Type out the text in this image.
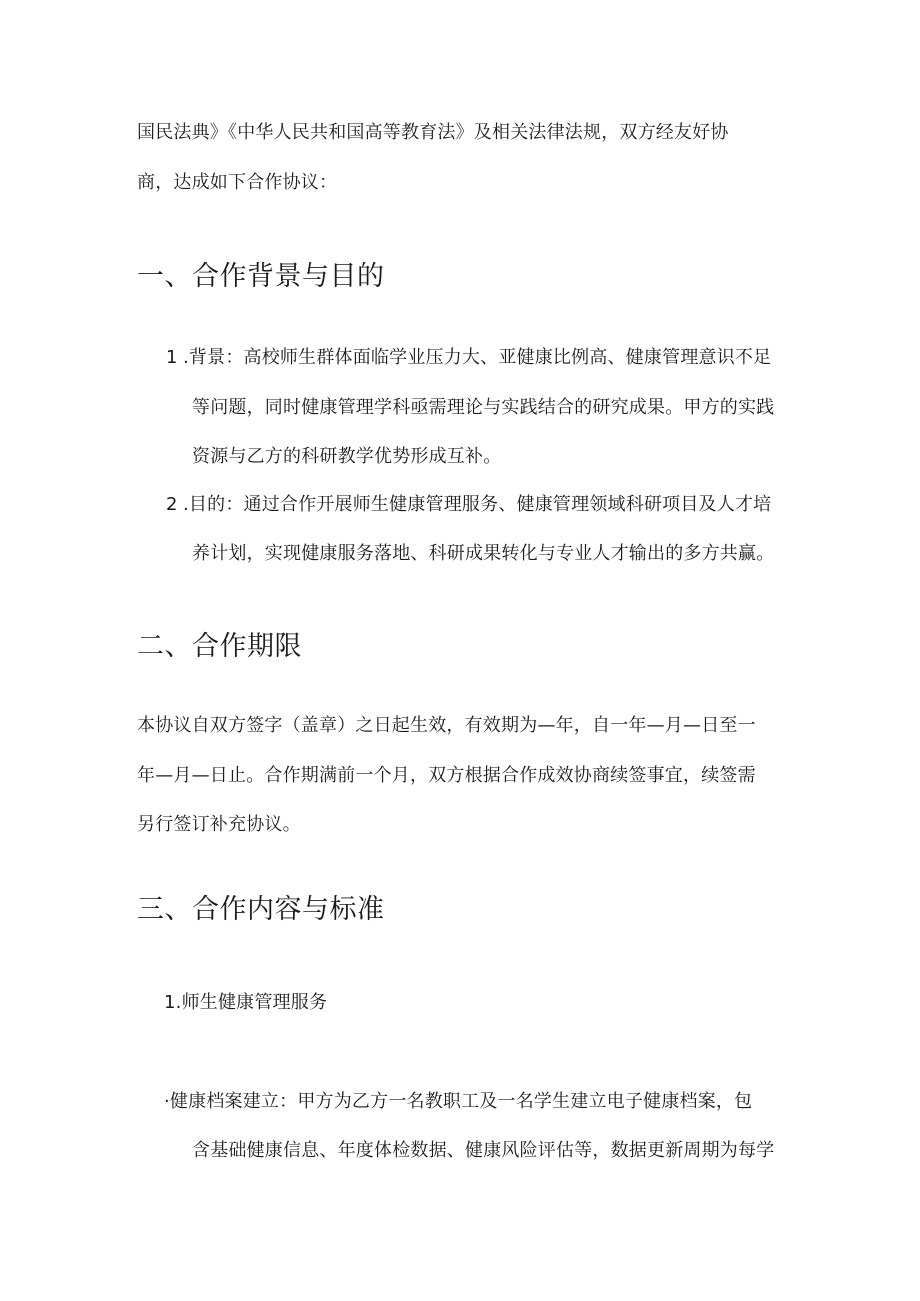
国民法典》《中华人民共和国高等教育法》及相关法律法规，双方经友好协
商，达成如下合作协议：
一、合作背景与目的
1 .背景：高校师生群体面临学业压力大、亚健康比例高、健康管理意识不足
等问题，同时健康管理学科亟需理论与实践结合的研究成果。甲方的实践
资源与乙方的科研教学优势形成互补。
2 .目的：通过合作开展师生健康管理服务、健康管理领域科研项目及人才培
养计划，实现健康服务落地、科研成果转化与专业人才输出的多方共赢。
二、合作期限
本协议自双方签字（盖章）之日起生效，有效期为—年，自一年—月—日至一
年—月—日止。合作期满前一个月，双方根据合作成效协商续签事宜，续签需
另行签订补充协议。
三、合作内容与标准
1.师生健康管理服务
·健康档案建立：甲方为乙方一名教职工及一名学生建立电子健康档案，包
含基础健康信息、年度体检数据、健康风险评估等，数据更新周期为每学
